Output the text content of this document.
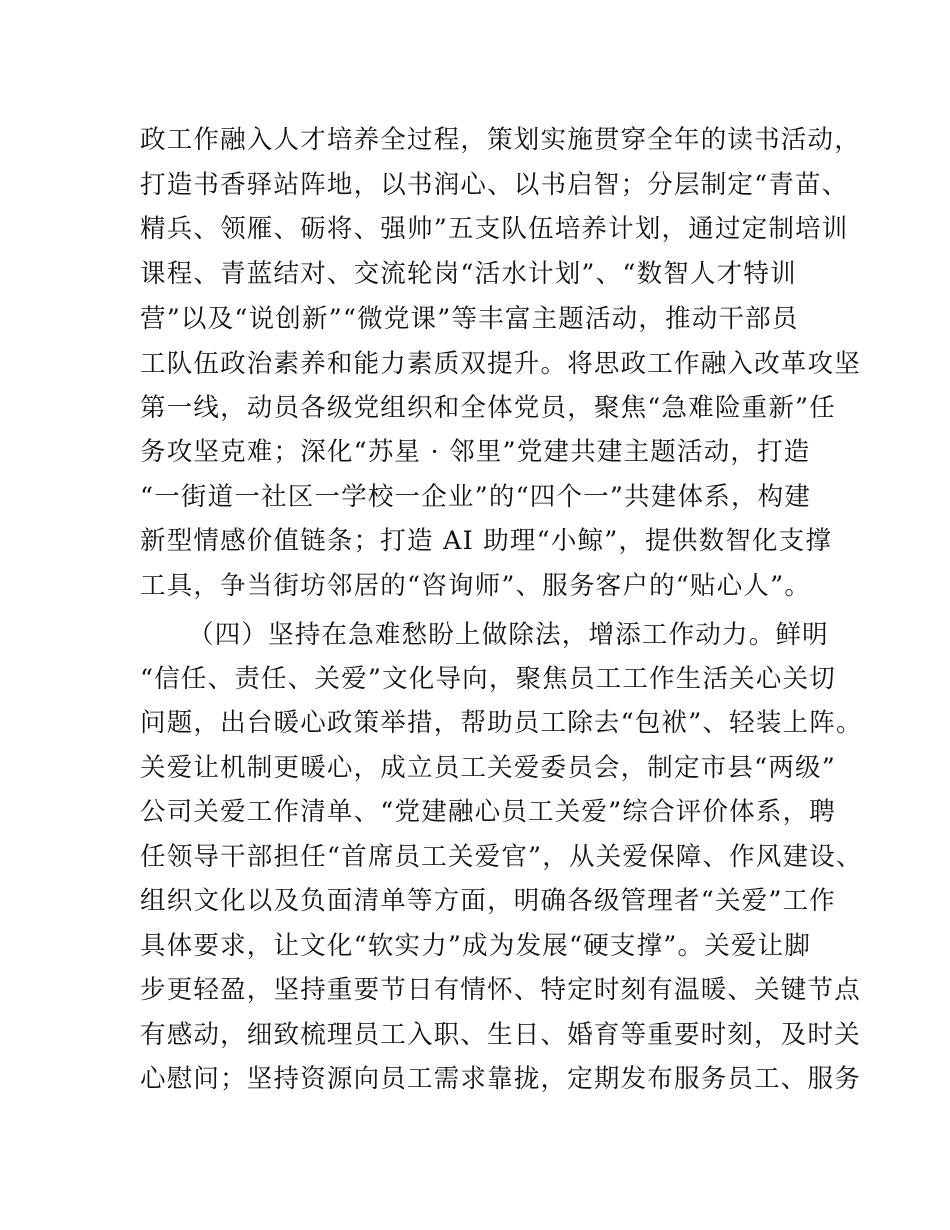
政工作融入人才培养全过程，策划实施贯穿全年的读书活动，
打造书香驿站阵地，以书润心、以书启智；分层制定“青苗、
精兵、领雁、砺将、强帅”五支队伍培养计划，通过定制培训
课程、青蓝结对、交流轮岗“活水计划”、“数智人才特训
营”以及“说创新”“微党课”等丰富主题活动，推动干部员
工队伍政治素养和能力素质双提升。将思政工作融入改革攻坚
第一线，动员各级党组织和全体党员，聚焦“急难险重新”任
务攻坚克难；深化“苏星 · 邻里”党建共建主题活动，打造
“一街道一社区一学校一企业”的“四个一”共建体系，构建
新型情感价值链条；打造 AI 助理“小鲸”，提供数智化支撑
工具，争当街坊邻居的“咨询师”、服务客户的“贴心人”。
（四）坚持在急难愁盼上做除法，增添工作动力。鲜明
“信任、责任、关爱”文化导向，聚焦员工工作生活关心关切
问题，出台暖心政策举措，帮助员工除去“包袱”、轻装上阵。
关爱让机制更暖心，成立员工关爱委员会，制定市县“两级”
公司关爱工作清单、“党建融心员工关爱”综合评价体系，聘
任领导干部担任“首席员工关爱官”，从关爱保障、作风建设、
组织文化以及负面清单等方面，明确各级管理者“关爱”工作
具体要求，让文化“软实力”成为发展“硬支撑”。关爱让脚
步更轻盈，坚持重要节日有情怀、特定时刻有温暖、关键节点
有感动，细致梳理员工入职、生日、婚育等重要时刻，及时关
心慰问；坚持资源向员工需求靠拢，定期发布服务员工、服务
